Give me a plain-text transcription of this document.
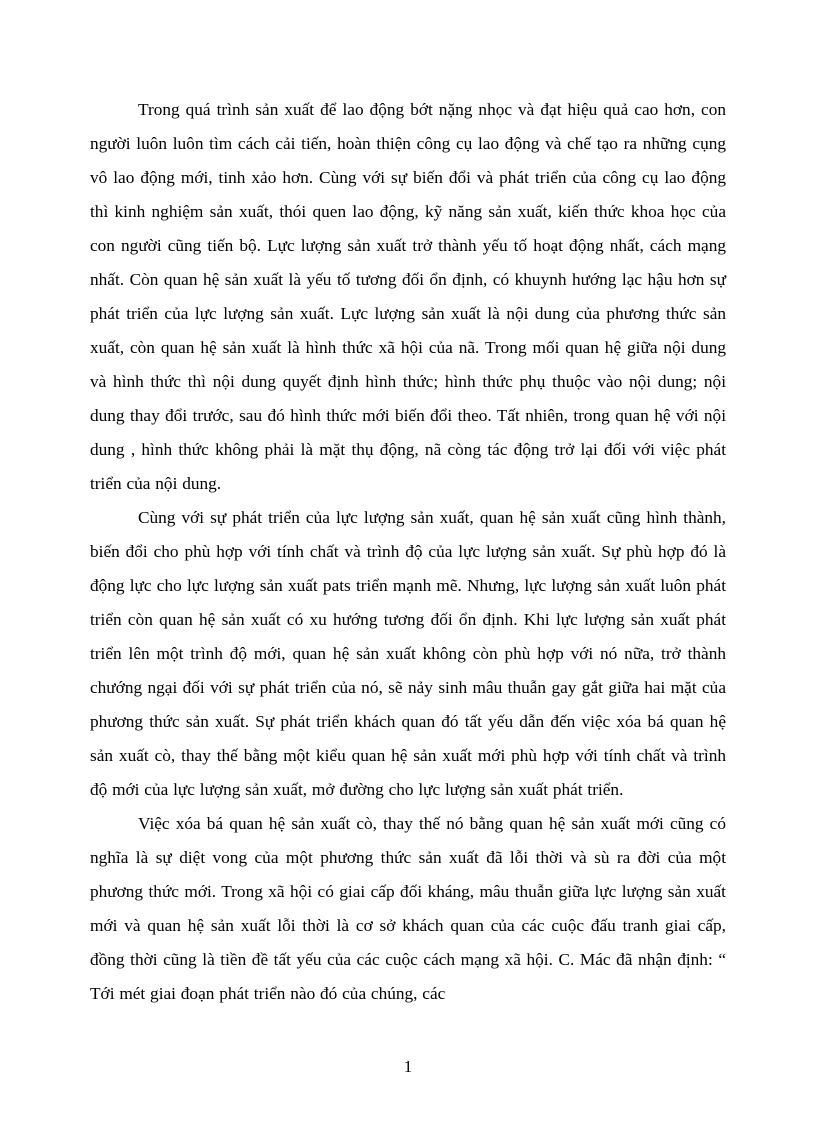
Trong quá trình sản xuất để lao động bớt nặng nhọc và đạt hiệu quả cao hơn, con người luôn luôn tìm cách cải tiến, hoàn thiện công cụ lao động và chế tạo ra những cụng vô lao động mới, tinh xảo hơn. Cùng với sự biến đổi và phát triển của công cụ lao động thì kinh nghiệm sản xuất, thói quen lao động, kỹ năng sản xuất, kiến thức khoa học của con người cũng tiến bộ. Lực lượng sản xuất trở thành yếu tố hoạt động nhất, cách mạng nhất. Còn quan hệ sản xuất là yếu tố tương đối ổn định, có khuynh hướng lạc hậu hơn sự phát triển của lực lượng sản xuất. Lực lượng sản xuất là nội dung của phương thức sản xuất, còn quan hệ sản xuất là hình thức xã hội của nã. Trong mối quan hệ giữa nội dung và hình thức thì nội dung quyết định hình thức; hình thức phụ thuộc vào nội dung; nội dung thay đổi trước, sau đó hình thức mới biến đổi theo. Tất nhiên, trong quan hệ với nội dung , hình thức không phải là mặt thụ động, nã còng tác động trở lại đối với việc phát triển của nội dung.

Cùng với sự phát triển của lực lượng sản xuất, quan hệ sản xuất cũng hình thành, biến đổi cho phù hợp với tính chất và trình độ của lực lượng sản xuất. Sự phù hợp đó là động lực cho lực lượng sản xuất pats triển mạnh mẽ. Nhưng, lực lượng sản xuất luôn phát triển còn quan hệ sản xuất có xu hướng tương đối ổn định. Khi lực lượng sản xuất phát triển lên một trình độ mới, quan hệ sản xuất không còn phù hợp với nó nữa, trở thành chướng ngại đối với sự phát triển của nó, sẽ nảy sinh mâu thuẫn gay gắt giữa hai mặt của phương thức sản xuất. Sự phát triển khách quan đó tất yếu dẫn đến việc xóa bá quan hệ sản xuất cò, thay thế bằng một kiểu quan hệ sản xuất mới phù hợp với tính chất và trình độ mới của lực lượng sản xuất, mở đường cho lực lượng sản xuất phát triển.

Việc xóa bá quan hệ sản xuất cò, thay thế nó bằng quan hệ sản xuất mới cũng có nghĩa là sự diệt vong của một phương thức sản xuất đã lỗi thời và sù ra đời của một phương thức mới. Trong xã hội có giai cấp đối kháng, mâu thuẫn giữa lực lượng sản xuất mới và quan hệ sản xuất lỗi thời là cơ sở khách quan của các cuộc đấu tranh giai cấp, đồng thời cũng là tiền đề tất yếu của các cuộc cách mạng xã hội. C. Mác đã nhận định: “ Tới mét giai đoạn phát triển nào đó của chúng, các

1
